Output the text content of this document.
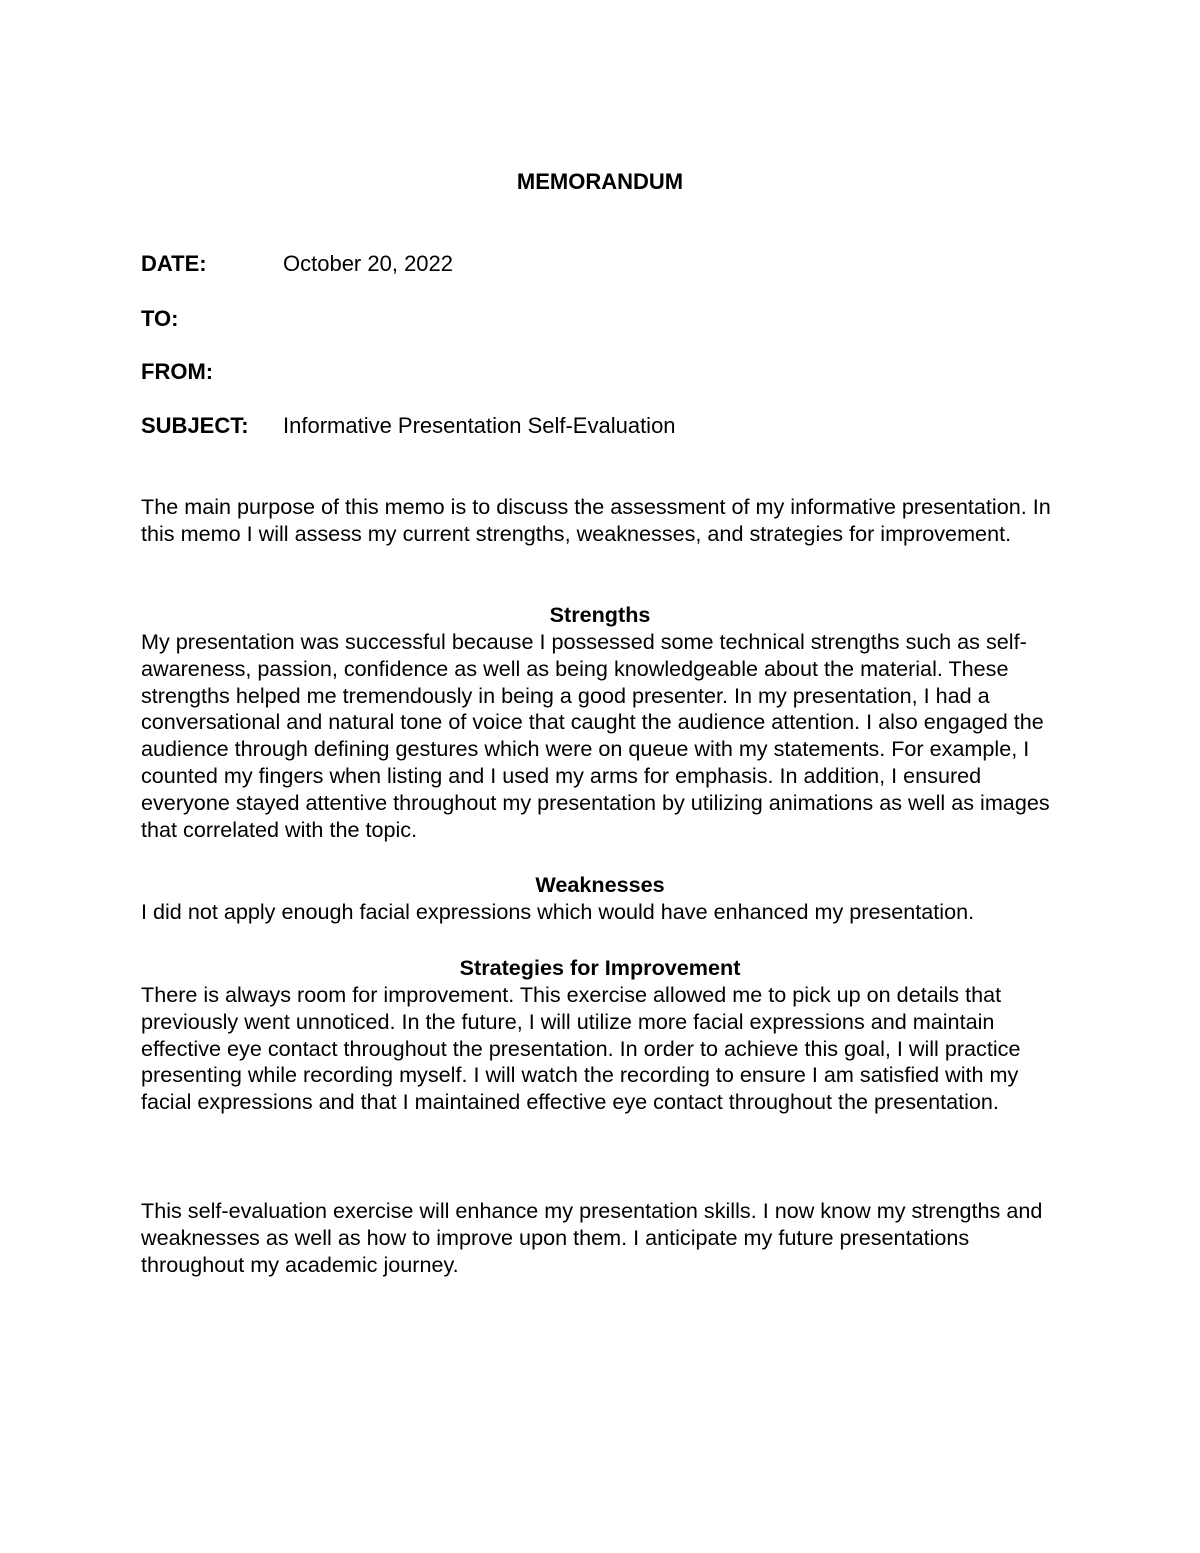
MEMORANDUM
DATE:	October 20, 2022
TO:
FROM:
SUBJECT: Informative Presentation Self-Evaluation

The main purpose of this memo is to discuss the assessment of my informative presentation. In this memo I will assess my current strengths, weaknesses, and strategies for improvement.

Strengths

My presentation was successful because I possessed some technical strengths such as self-awareness, passion, confidence as well as being knowledgeable about the material. These strengths helped me tremendously in being a good presenter. In my presentation, I had a conversational and natural tone of voice that caught the audience attention. I also engaged the audience through defining gestures which were on queue with my statements. For example, I counted my fingers when listing and I used my arms for emphasis. In addition, I ensured everyone stayed attentive throughout my presentation by utilizing animations as well as images that correlated with the topic.

Weaknesses

I did not apply enough facial expressions which would have enhanced my presentation.

Strategies for Improvement

There is always room for improvement. This exercise allowed me to pick up on details that previously went unnoticed. In the future, I will utilize more facial expressions and maintain effective eye contact throughout the presentation. In order to achieve this goal, I will practice presenting while recording myself. I will watch the recording to ensure I am satisfied with my facial expressions and that I maintained effective eye contact throughout the presentation.

This self-evaluation exercise will enhance my presentation skills. I now know my strengths and weaknesses as well as how to improve upon them. I anticipate my future presentations throughout my academic journey.
